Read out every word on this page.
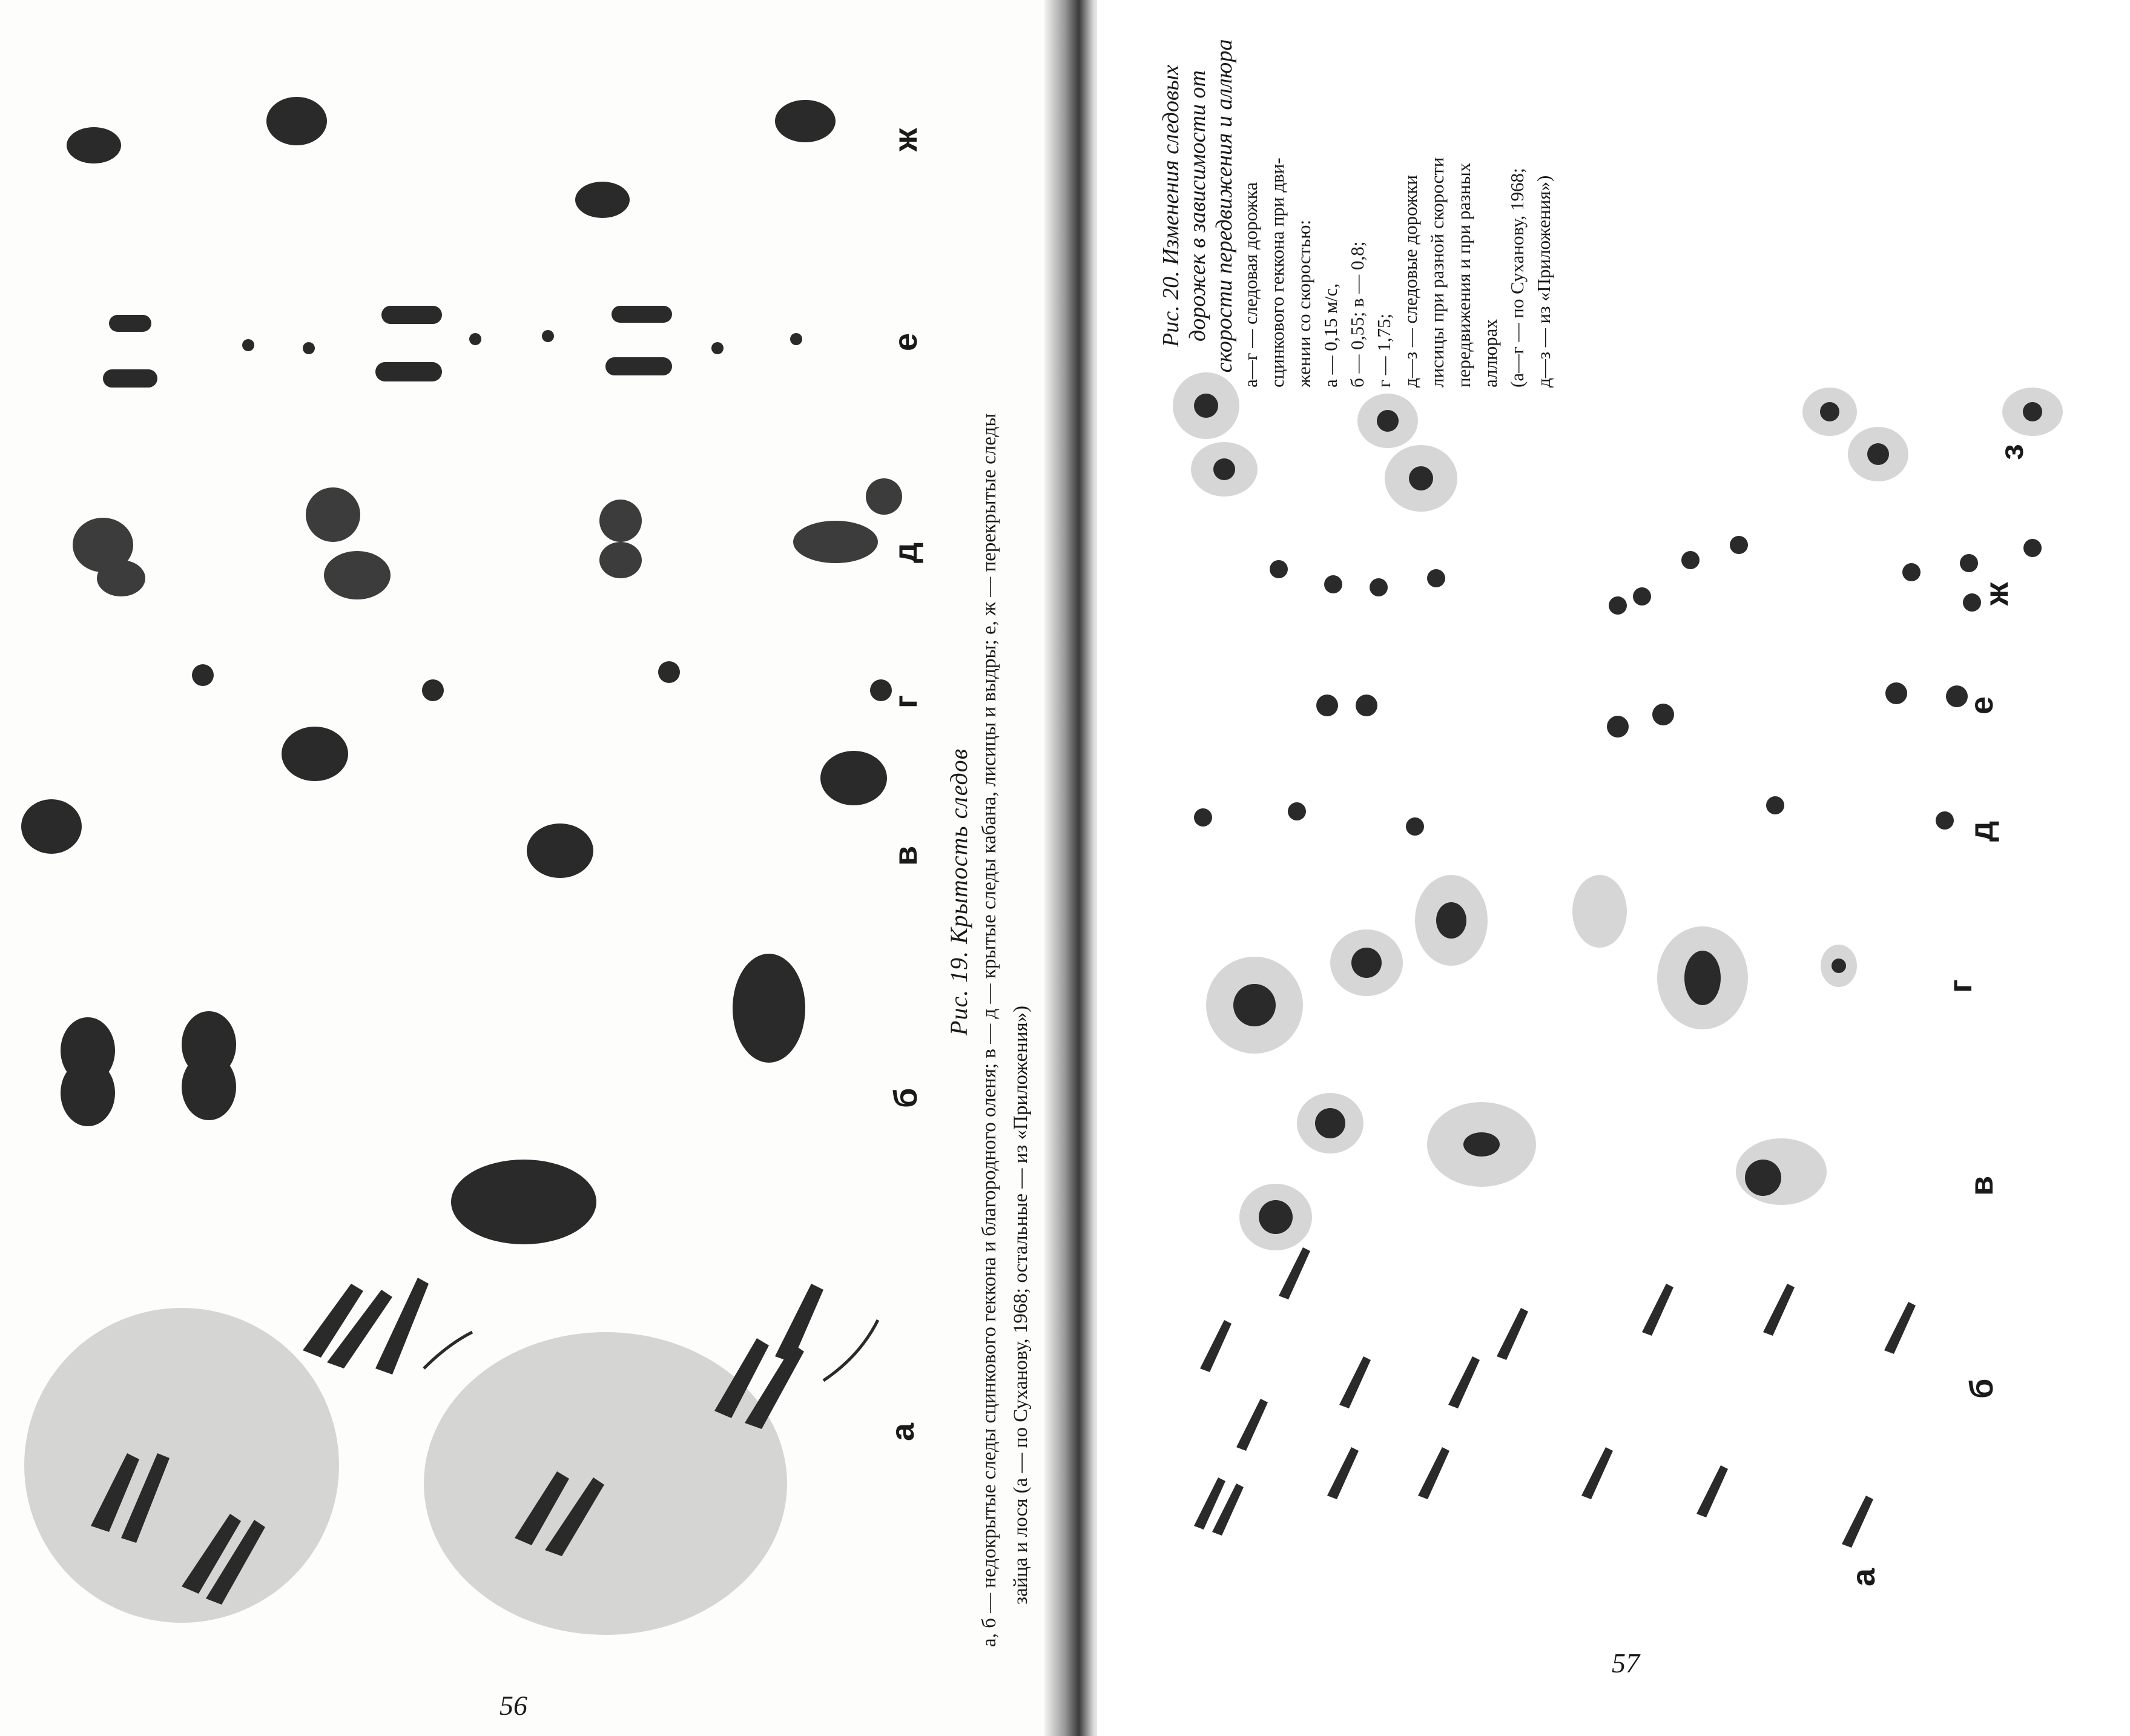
а
б
в
г
д
е
ж
Рис. 19. Крытость следов а, б — недокрытые следы сцинкового геккона и благородного оленя; в — д — крытые следы кабана, лисицы и выдры; е, ж — перекрытые следы зайца и лося (а — по Суханову, 1968; остальные — из «Приложения»)
56
а
б
в
г
д
е
ж
з
Рис. 20. Изменения следовых дорожек в зависимости от скорости передвижения и аллюра а—г — следовая дорожка сцинкового геккона при дви- жении со скоростью: а — 0,15 м/с, б — 0,55; в — 0,8; г — 1,75; д—з — следовые дорожки лисицы при разной скорости передвижения и при разных аллюрах (а—г — по Суханову, 1968; д—з — из «Приложения»)
57
